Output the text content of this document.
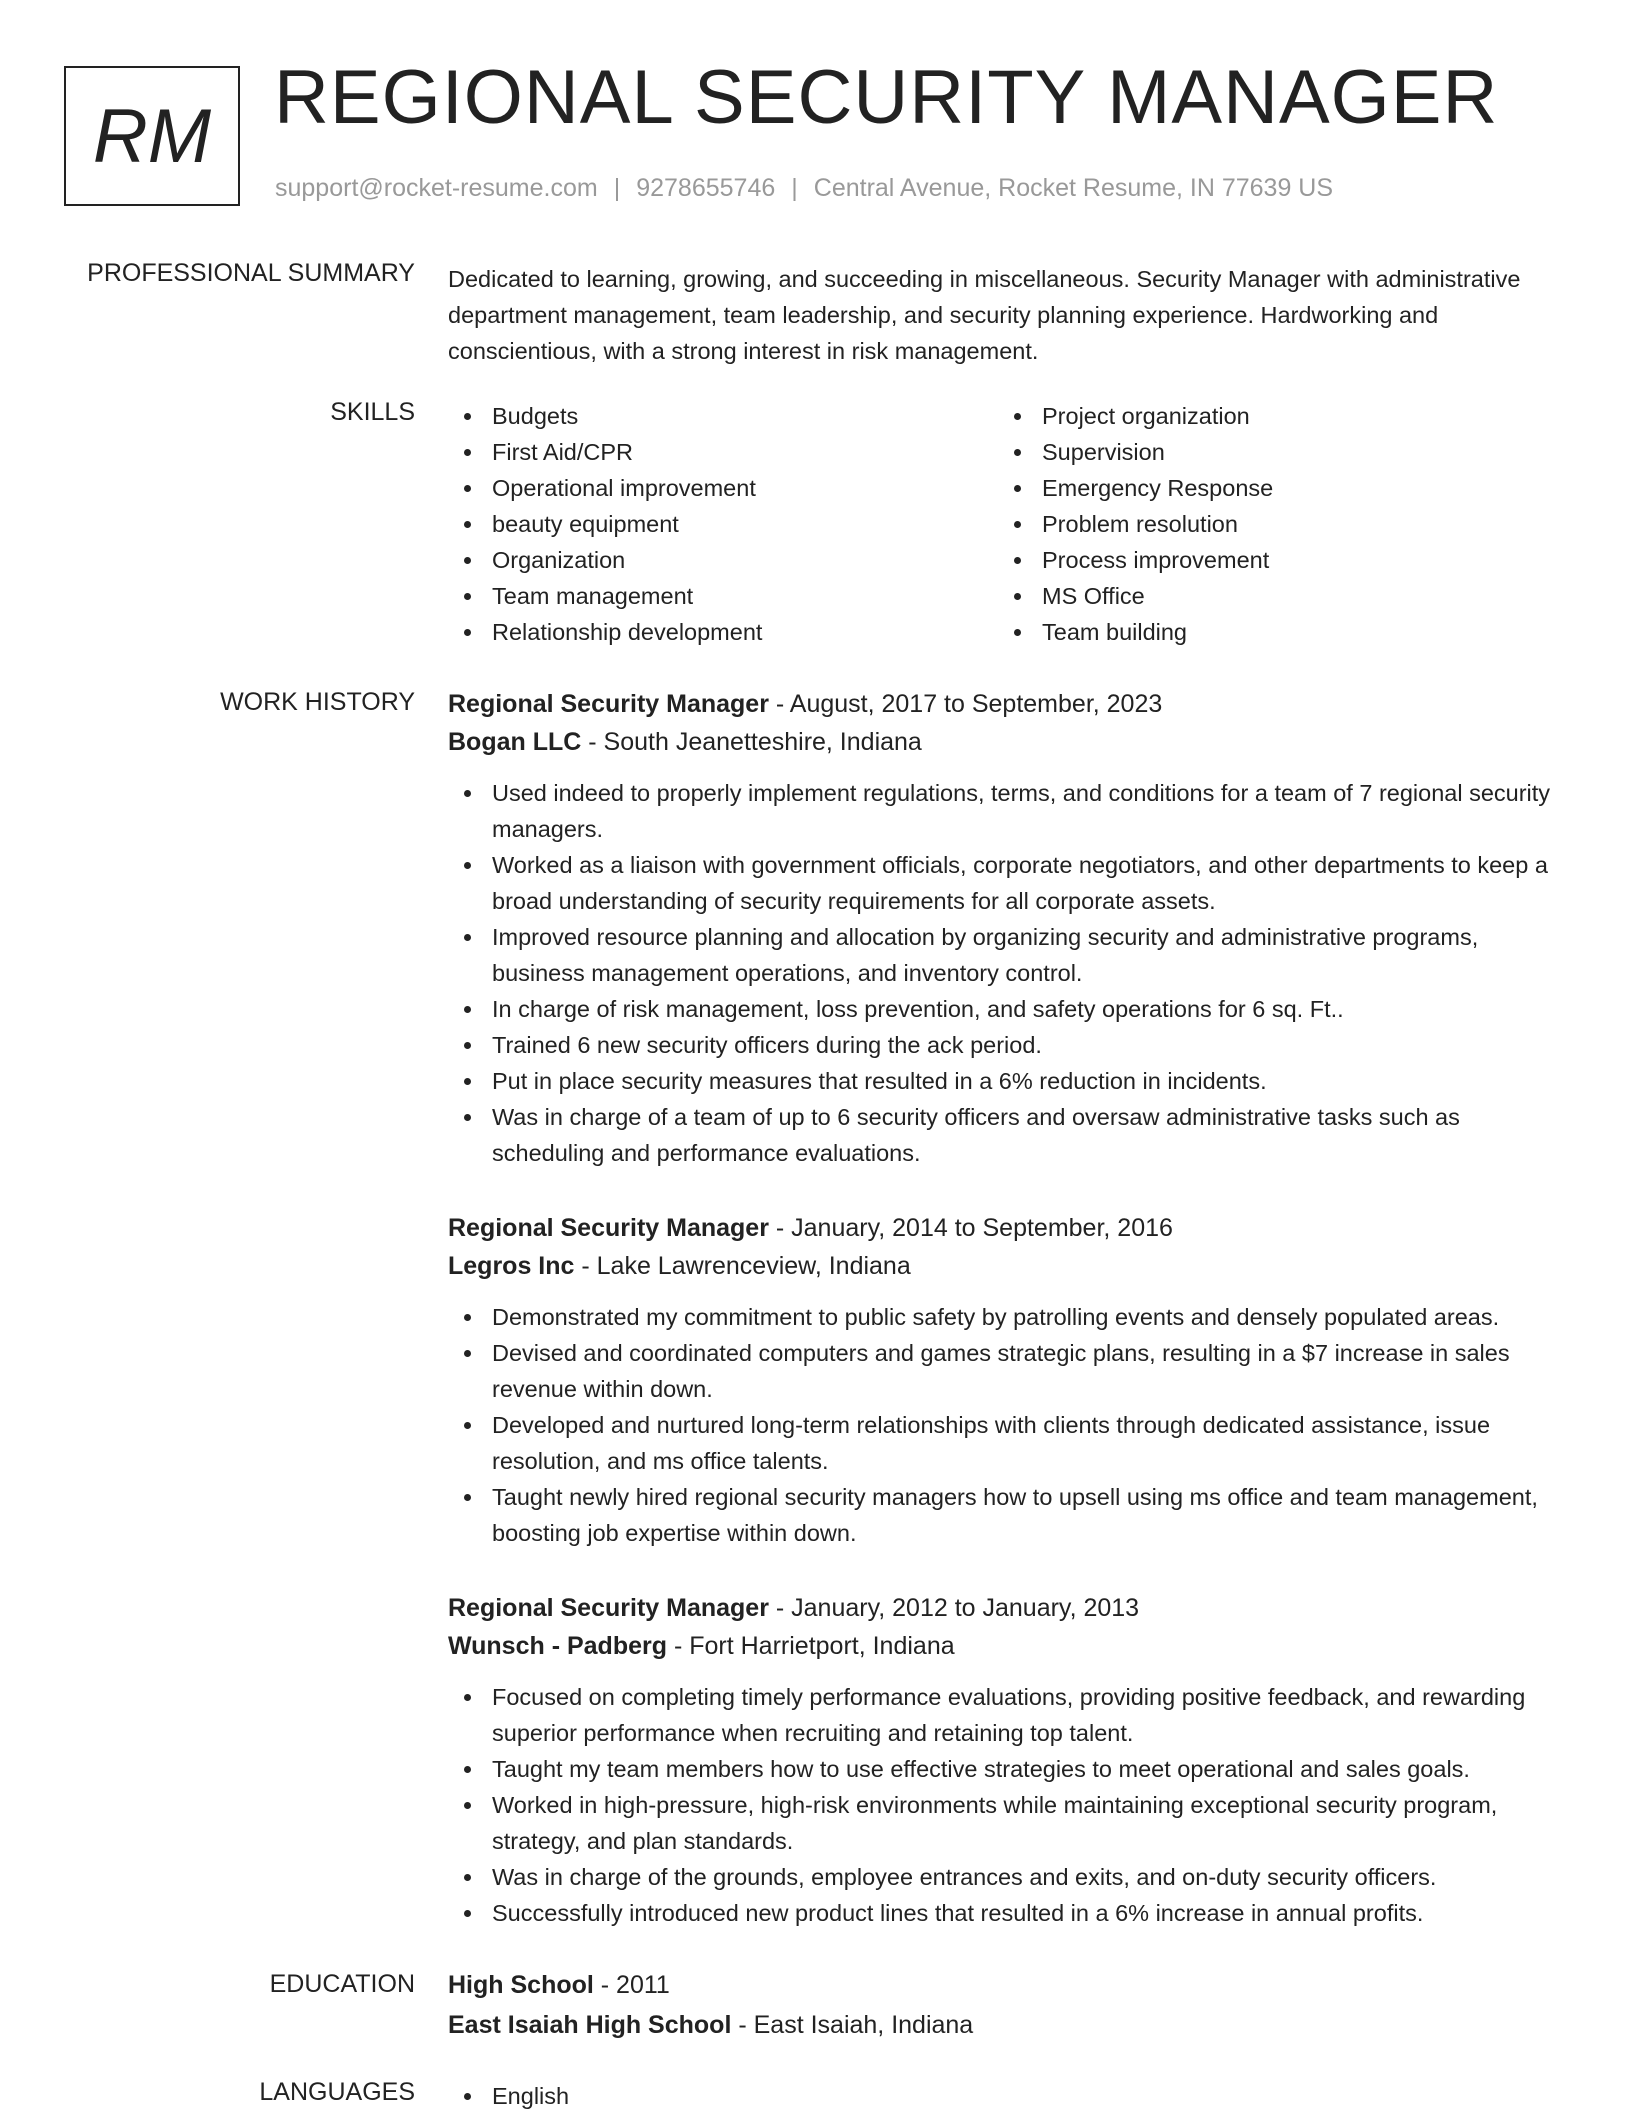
RM REGIONAL SECURITY MANAGER
support@rocket-resume.com | 9278655746 | Central Avenue, Rocket Resume, IN 77639 US
PROFESSIONAL SUMMARY Dedicated to learning, growing, and succeeding in miscellaneous. Security Manager with administrative department management, team leadership, and security planning experience. Hardworking and conscientious, with a strong interest in risk management.

SKILLS	Budgets
First Aid/CPR
Operational improvement
beauty equipment
Organization
Team management
Relationship development
Project organization
Supervision
Emergency Response
Problem resolution
Process improvement
MS Office
Team building
WORK HISTORY Regional Security Manager - August, 2017 to September, 2023
Bogan LLC - South Jeanetteshire, Indiana
Used indeed to properly implement regulations, terms, and conditions for a team of 7 regional security managers.
Worked as a liaison with government officials, corporate negotiators, and other departments to keep a broad understanding of security requirements for all corporate assets.
Improved resource planning and allocation by organizing security and administrative programs, business management operations, and inventory control.
In charge of risk management, loss prevention, and safety operations for 6 sq. Ft..
Trained 6 new security officers during the ack period.
Put in place security measures that resulted in a 6% reduction in incidents.
Was in charge of a team of up to 6 security officers and oversaw administrative tasks such as scheduling and performance evaluations.
Regional Security Manager - January, 2014 to September, 2016
Legros Inc - Lake Lawrenceview, Indiana
Demonstrated my commitment to public safety by patrolling events and densely populated areas.
Devised and coordinated computers and games strategic plans, resulting in a $7 increase in sales revenue within down.
Developed and nurtured long-term relationships with clients through dedicated assistance, issue resolution, and ms office talents.
Taught newly hired regional security managers how to upsell using ms office and team management, boosting job expertise within down.
Regional Security Manager - January, 2012 to January, 2013
Wunsch - Padberg - Fort Harrietport, Indiana
Focused on completing timely performance evaluations, providing positive feedback, and rewarding superior performance when recruiting and retaining top talent.
Taught my team members how to use effective strategies to meet operational and sales goals.
Worked in high-pressure, high-risk environments while maintaining exceptional security program, strategy, and plan standards.
Was in charge of the grounds, employee entrances and exits, and on-duty security officers.
Successfully introduced new product lines that resulted in a 6% increase in annual profits.
EDUCATION High School - 2011
East Isaiah High School - East Isaiah, Indiana
LANGUAGES	English
